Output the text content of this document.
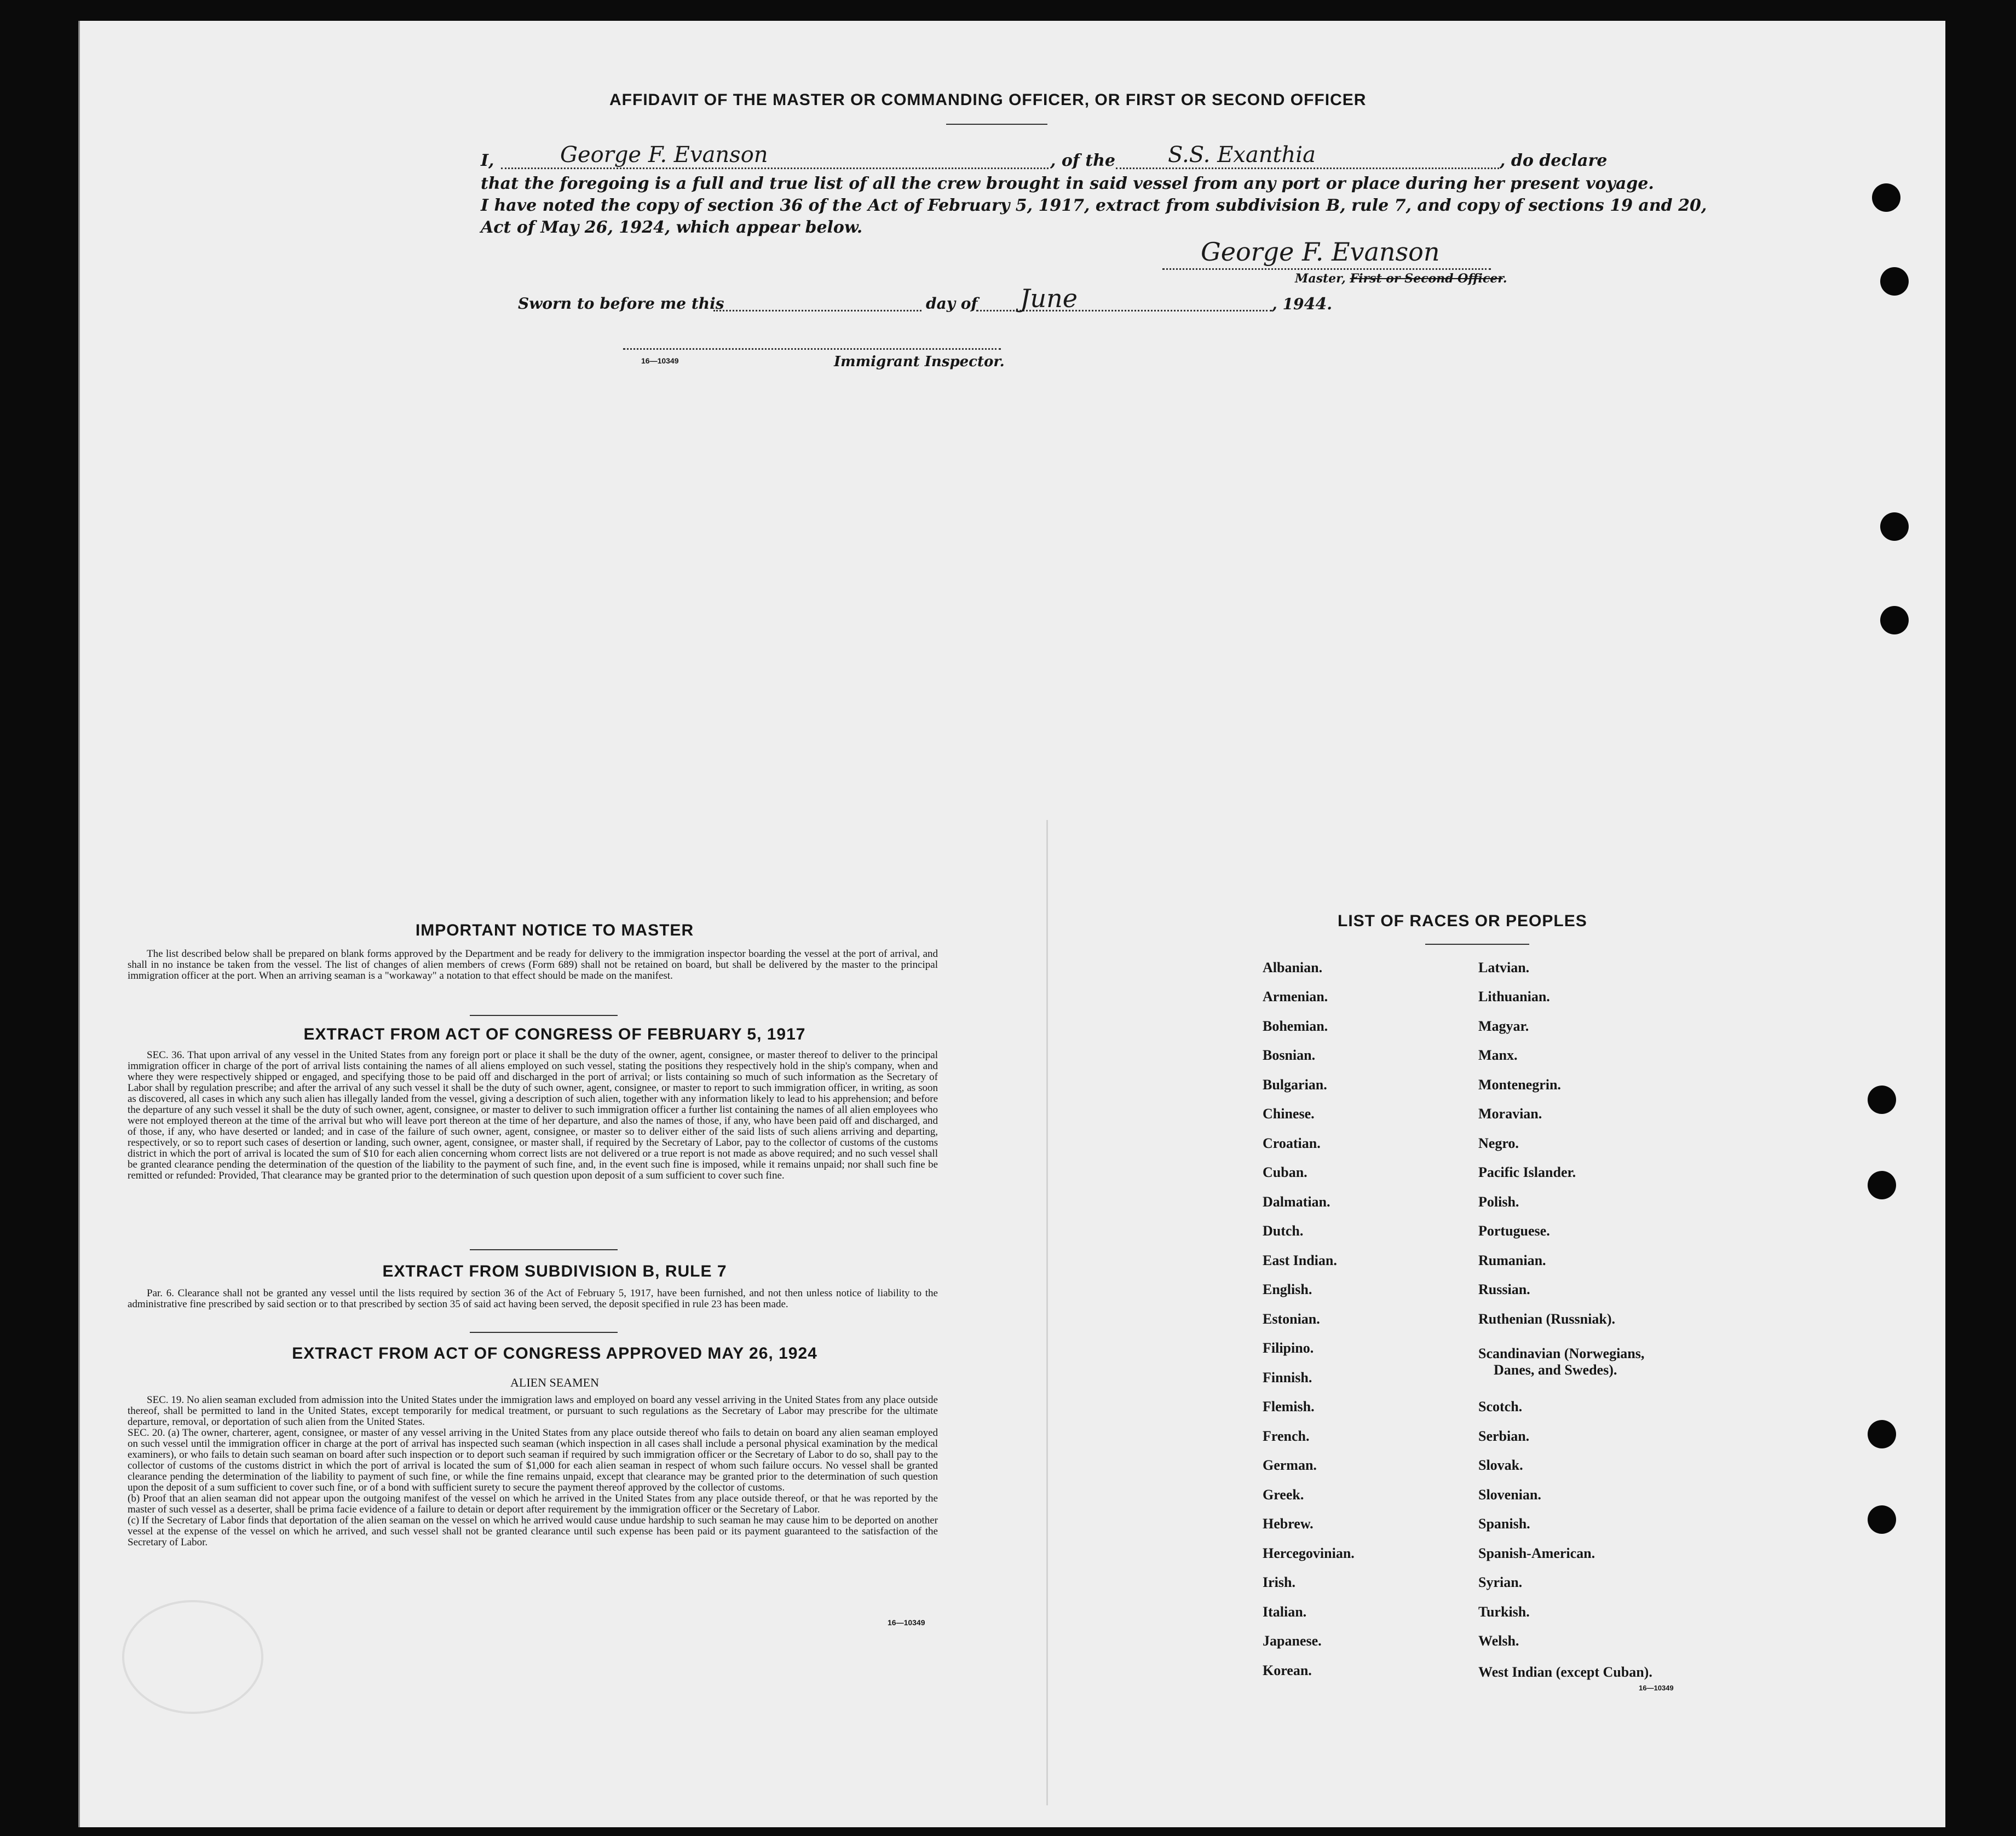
AFFIDAVIT OF THE MASTER OR COMMANDING OFFICER, OR FIRST OR SECOND OFFICER
I,	George F. Evanson	, of the S.S. Exanthia	, do declare
that the foregoing is a full and true list of all the crew brought in said vessel from any port or place during her present voyage.
I have noted the copy of section 36 of the Act of February 5, 1917, extract from subdivision B, rule 7, and copy of sections 19 and 20,
Act of May 26, 1924, which appear below.
George F. Evanson
Master, First or Second Officer.
Sworn to before me this	day of June	, 1944.
16—10349	Immigrant Inspector.
IMPORTANT NOTICE TO MASTER
The list described below shall be prepared on blank forms approved by the Department and be ready for delivery to the immigration inspector boarding the vessel at the port of arrival, and shall in no instance be taken from the vessel. The list of changes of alien members of crews (Form 689) shall not be retained on board, but shall be delivered by the master to the principal immigration officer at the port. When an arriving seaman is a "workaway" a notation to that effect should be made on the manifest.
EXTRACT FROM ACT OF CONGRESS OF FEBRUARY 5, 1917
SEC. 36. That upon arrival of any vessel in the United States from any foreign port or place it shall be the duty of the owner, agent, consignee, or master thereof to deliver to the principal immigration officer in charge of the port of arrival lists containing the names of all aliens employed on such vessel, stating the positions they respectively hold in the ship's company, when and where they were respectively shipped or engaged, and specifying those to be paid off and discharged in the port of arrival; or lists containing so much of such information as the Secretary of Labor shall by regulation prescribe; and after the arrival of any such vessel it shall be the duty of such owner, agent, consignee, or master to report to such immigration officer, in writing, as soon as discovered, all cases in which any such alien has illegally landed from the vessel, giving a description of such alien, together with any information likely to lead to his apprehension; and before the departure of any such vessel it shall be the duty of such owner, agent, consignee, or master to deliver to such immigration officer a further list containing the names of all alien employees who were not employed thereon at the time of the arrival but who will leave port thereon at the time of her departure, and also the names of those, if any, who have been paid off and discharged, and of those, if any, who have deserted or landed; and in case of the failure of such owner, agent, consignee, or master so to deliver either of the said lists of such aliens arriving and departing, respectively, or so to report such cases of desertion or landing, such owner, agent, consignee, or master shall, if required by the Secretary of Labor, pay to the collector of customs of the customs district in which the port of arrival is located the sum of $10 for each alien concerning whom correct lists are not delivered or a true report is not made as above required; and no such vessel shall be granted clearance pending the determination of the question of the liability to the payment of such fine, and, in the event such fine is imposed, while it remains unpaid; nor shall such fine be remitted or refunded: Provided, That clearance may be granted prior to the determination of such question upon deposit of a sum sufficient to cover such fine.
EXTRACT FROM SUBDIVISION B, RULE 7
Par. 6. Clearance shall not be granted any vessel until the lists required by section 36 of the Act of February 5, 1917, have been furnished, and not then unless notice of liability to the administrative fine prescribed by said section or to that prescribed by section 35 of said act having been served, the deposit specified in rule 23 has been made.
EXTRACT FROM ACT OF CONGRESS APPROVED MAY 26, 1924
ALIEN SEAMEN
SEC. 19. No alien seaman excluded from admission into the United States under the immigration laws and employed on board any vessel arriving in the United States from any place outside thereof, shall be permitted to land in the United States, except temporarily for medical treatment, or pursuant to such regulations as the Secretary of Labor may prescribe for the ultimate departure, removal, or deportation of such alien from the United States.
SEC. 20. (a) The owner, charterer, agent, consignee, or master of any vessel arriving in the United States from any place outside thereof who fails to detain on board any alien seaman employed on such vessel until the immigration officer in charge at the port of arrival has inspected such seaman (which inspection in all cases shall include a personal physical examination by the medical examiners), or who fails to detain such seaman on board after such inspection or to deport such seaman if required by such immigration officer or the Secretary of Labor to do so, shall pay to the collector of customs of the customs district in which the port of arrival is located the sum of $1,000 for each alien seaman in respect of whom such failure occurs. No vessel shall be granted clearance pending the determination of the liability to payment of such fine, or while the fine remains unpaid, except that clearance may be granted prior to the determination of such question upon the deposit of a sum sufficient to cover such fine, or of a bond with sufficient surety to secure the payment thereof approved by the collector of customs.
(b) Proof that an alien seaman did not appear upon the outgoing manifest of the vessel on which he arrived in the United States from any place outside thereof, or that he was reported by the master of such vessel as a deserter, shall be prima facie evidence of a failure to detain or deport after requirement by the immigration officer or the Secretary of Labor.
(c) If the Secretary of Labor finds that deportation of the alien seaman on the vessel on which he arrived would cause undue hardship to such seaman he may cause him to be deported on another vessel at the expense of the vessel on which he arrived, and such vessel shall not be granted clearance until such expense has been paid or its payment guaranteed to the satisfaction of the Secretary of Labor.
16—10349
LIST OF RACES OR PEOPLES
Albanian.
Armenian.
Bohemian.
Bosnian.
Bulgarian.
Chinese.
Croatian.
Cuban.
Dalmatian.
Dutch.
East Indian.
English.
Estonian.
Filipino.
Finnish.
Flemish.
French.
German.
Greek.
Hebrew.
Hercegovinian.
Irish.
Italian.
Japanese.
Korean.
Latvian.
Lithuanian.
Magyar.
Manx.
Montenegrin.
Moravian.
Negro.
Pacific Islander.
Polish.
Portuguese.
Rumanian.
Russian.
Ruthenian (Russniak).
Scandinavian (Norwegians,
Danes, and Swedes).
Scotch.
Serbian.
Slovak.
Slovenian.
Spanish.
Spanish-American.
Syrian.
Turkish.
Welsh.
West Indian (except Cuban).
16—10349
